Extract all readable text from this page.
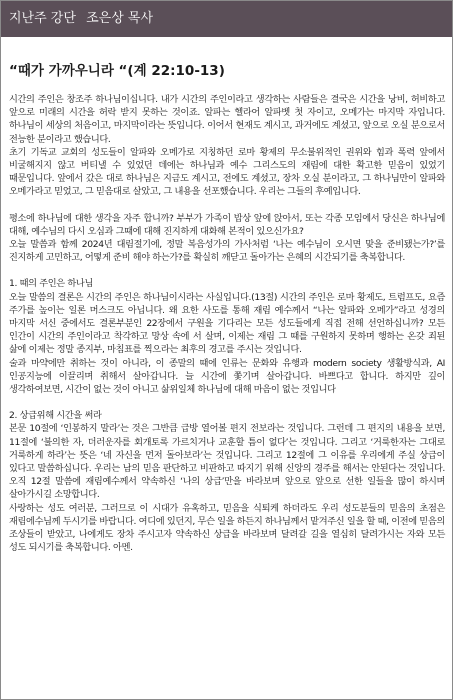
지난주 강단 조은상 목사
“때가 가까우니라 “(계 22:10-13)

시간의 주인은 창조주 하나님이십니다. 내가 시간의 주인이라고 생각하는 사람들은 결국은 시간을 낭비, 허비하고 앞으로 미래의 시간을 허락 받지 못하는 것이죠. 알파는 헬라어 알파벳 첫 자이고, 오메가는 마지막 자입니다. 하나님이 세상의 처음이고, 마지막이라는 뜻입니다. 이어서 현재도 계시고, 과거에도 계셨고, 앞으로 오실 분으로서 전능한 분이라고 했습니다.

초기 기독교 교회의 성도들이 알파와 오메가로 지칭하던 로마 황제의 무소불위적인 권위와 힘과 폭력 앞에서 비굴해지지 않고 버티낼 수 있었던 데에는 하나님과 예수 그리스도의 재림에 대한 확고한 믿음이 있었기 때문입니다. 앞에서 갔은 대로 하나님은 지금도 계시고, 전에도 계셨고, 장차 오실 분이라고, 그 하나님만이 알파와 오메가라고 믿었고, 그 믿음대로 살았고, 그 내용을 선포했습니다. 우리는 그들의 후예입니다.

평소에 하나님에 대한 생각을 자주 합니까? 부부가 가족이 밥상 앞에 앉아서, 또는 각종 모임에서 당신은 하나님에 대해, 예수님의 다시 오심과 그때에 대해 진지하게 대화해 본적이 있으신가요?

오늘 말씀과 함께 2024년 대림절기에, 정말 복음성가의 가사처럼 ‘나는 예수님이 오시면 맞을 준비됐는가?’를 진지하게 고민하고, 어떻게 준비 해야 하는가?를 확실히 깨닫고 돌아가는 은혜의 시간되기를 축복합니다.

1. 때의 주인은 하나님

오늘 말씀의 결론은 시간의 주인은 하나님이시라는 사실입니다.(13절) 시간의 주인은 로마 황제도, 트럼프도, 요즘 주가를 높이는 일론 머스크도 아닙니다. 왜 요한 사도를 통해 재림 예수께서 “나는 알파와 오메가”라고 성경의 마지막 서신 중에서도 결론부분인 22장에서 구원을 기다리는 모든 성도들에게 직접 전해 선언하십니까? 모든 인간이 시간의 주인이라고 착각하고 망상 속에 서 살며, 이제는 재림 그 때를 구원하지 못하며 행하는 온갖 죄된 삶에 이제는 정말 종지부, 마침표를 찍으라는 최후의 경고를 주시는 것입니다.

술과 마약에만 취하는 것이 아니라, 이 종말의 때에 인류는 문화와 유행과 modern society 생활방식과, AI 인공지능에 이끌리며 취해서 살아갑니다. 늘 시간에 쫓기며 살아갑니다. 바쁘다고 합니다. 하지만 깊이 생각하여보면, 시간이 없는 것이 아니고 삶위일체 하나님에 대해 마음이 없는 것입니다

2. 상급위해 시간을 써라

본문 10절에 ‘인봉하지 말라’는 것은 그반큼 급방 열어볼 편지 전보라는 것입니다. 그런데 그 편지의 내용을 보면, 11절에 ‘불의한 자, 더러운자를 회개토록 가르치거나 교훈할 틈이 없다’는 것입니다. 그리고 ‘거룩한자는 그대로 거룩하게 하라’는 뜻은 ‘네 자신을 먼저 돌아보라’는 것입니다. 그리고 12절에 그 이유를 우리에게 주실 상급이 있다고 말씀하십니다. 우리는 남의 믿음 판단하고 비판하고 따지기 위해 신앙의 경주를 해서는 안된다는 것입니다. 오직 12절 말씀에 재림예수께서 약속하신 ‘나의 상급’만을 바라보며 앞으로 앞으로 선한 일들을 많이 하시며 살아가시길 소망합니다.

사랑하는 성도 여러분, 그러므로 이 시대가 유혹하고, 믿음을 식퇴케 하더라도 우리 성도분들의 믿음의 초점은 재림에수님께 두시기를 바랍니다. 여디에 있던지, 무슨 일을 하든지 하나님께서 맡겨주신 일을 할 때, 이전에 믿음의 조상들이 받았고, 나에게도 장차 주시고자 약속하신 상급을 바라보며 달려갈 길을 열심히 달려가시는 자와 모든 성도 되시기를 축복합니다. 아멘.
